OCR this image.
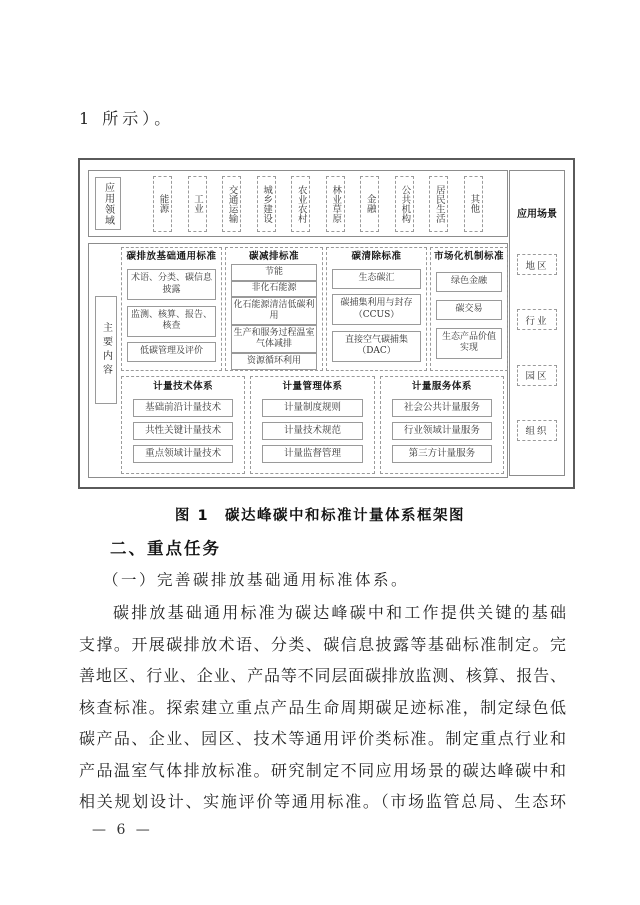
1 所示）。
应用领域	能源	工业	交通运输	城乡建设	农业农村	林业草原	金融	公共机构	居民生活	其他
主要内容
碳排放基础通用标准
术语、分类、碳信息披露
监测、核算、报告、核查
低碳管理及评价
碳减排标准
节能
非化石能源
化石能源清洁低碳利用
生产和服务过程温室气体减排
资源循环利用
碳清除标准
生态碳汇
碳捕集利用与封存（CCUS）
直接空气碳捕集（DAC）
市场化机制标准
绿色金融
碳交易
生态产品价值实现
计量技术体系
基础前沿计量技术
共性关键计量技术
重点领域计量技术
计量管理体系
计量制度规则
计量技术规范
计量监督管理
计量服务体系
社会公共计量服务
行业领域计量服务
第三方计量服务
应用场景
地区
行业
园区
组织
图 1　碳达峰碳中和标准计量体系框架图
二、重点任务
（一）完善碳排放基础通用标准体系。
碳排放基础通用标准为碳达峰碳中和工作提供关键的基础
支撑。开展碳排放术语、分类、碳信息披露等基础标准制定。完
善地区、行业、企业、产品等不同层面碳排放监测、核算、报告、
核查标准。探索建立重点产品生命周期碳足迹标准，制定绿色低
碳产品、企业、园区、技术等通用评价类标准。制定重点行业和
产品温室气体排放标准。研究制定不同应用场景的碳达峰碳中和
相关规划设计、实施评价等通用标准。（市场监管总局、生态环
— 6 —
